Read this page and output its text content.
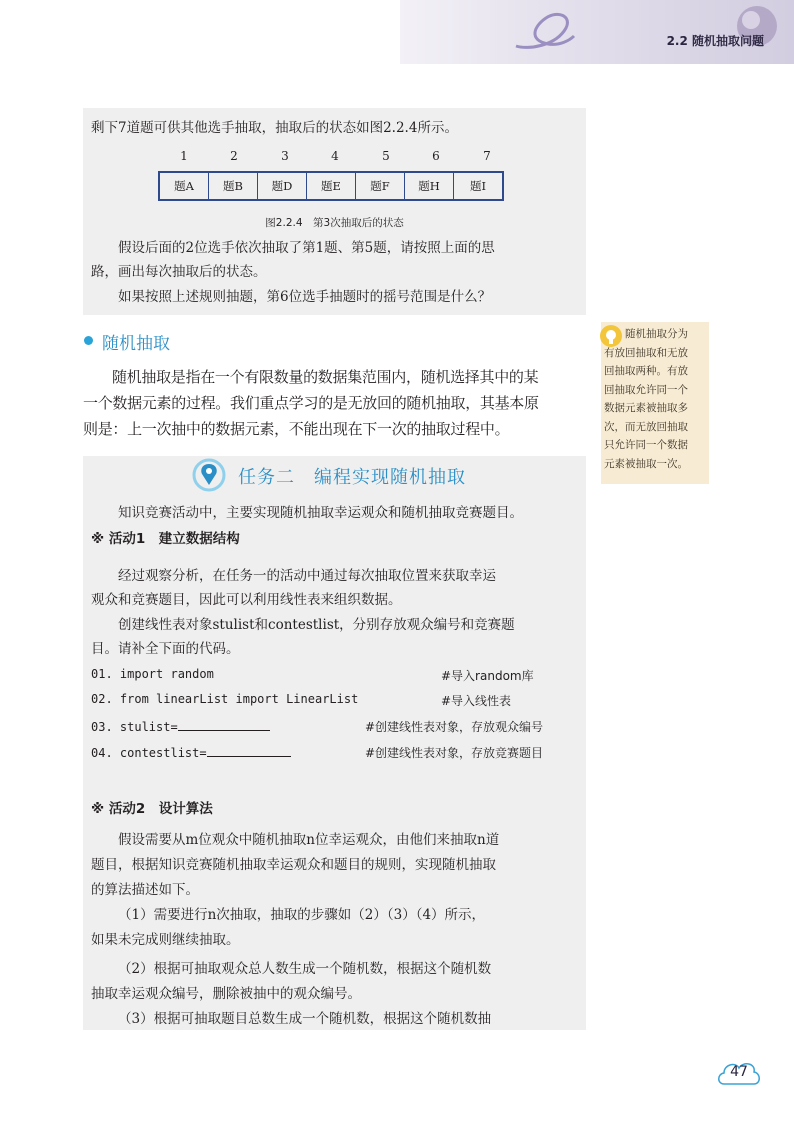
2.2 随机抽取问题

剩下7道题可供其他选手抽取，抽取后的状态如图2.2.4所示。

1	2	3	4	5	6	7
题A	题B	题D	题E	题F	题H	题I
图2.2.4　第3次抽取后的状态

假设后面的2位选手依次抽取了第1题、第5题，请按照上面的思

路，画出每次抽取后的状态。

如果按照上述规则抽题，第6位选手抽题时的摇号范围是什么？

随机抽取
随机抽取是指在一个有限数量的数据集范围内，随机选择其中的某
一个数据元素的过程。我们重点学习的是无放回的随机抽取，其基本原
则是：上一次抽中的数据元素，不能出现在下一次的抽取过程中。
　　随机抽取分为
有放回抽取和无放
回抽取两种。有放
回抽取允许同一个
数据元素被抽取多
次，而无放回抽取
只允许同一个数据
元素被抽取一次。
任务二　编程实现随机抽取

知识竞赛活动中，主要实现随机抽取幸运观众和随机抽取竞赛题目。

※ 活动1　建立数据结构

经过观察分析，在任务一的活动中通过每次抽取位置来获取幸运

观众和竞赛题目，因此可以利用线性表来组织数据。

创建线性表对象stulist和contestlist，分别存放观众编号和竞赛题

目。请补全下面的代码。

01. import random	#导入random库
02. from linearList import LinearList	#导入线性表
03. stulist=	#创建线性表对象，存放观众编号
04. contestlist=	#创建线性表对象，存放竞赛题目

※ 活动2　设计算法

假设需要从m位观众中随机抽取n位幸运观众，由他们来抽取n道

题目，根据知识竞赛随机抽取幸运观众和题目的规则，实现随机抽取

的算法描述如下。

（1）需要进行n次抽取，抽取的步骤如（2）（3）（4）所示，

如果未完成则继续抽取。

（2）根据可抽取观众总人数生成一个随机数，根据这个随机数

抽取幸运观众编号，删除被抽中的观众编号。

（3）根据可抽取题目总数生成一个随机数，根据这个随机数抽

47
